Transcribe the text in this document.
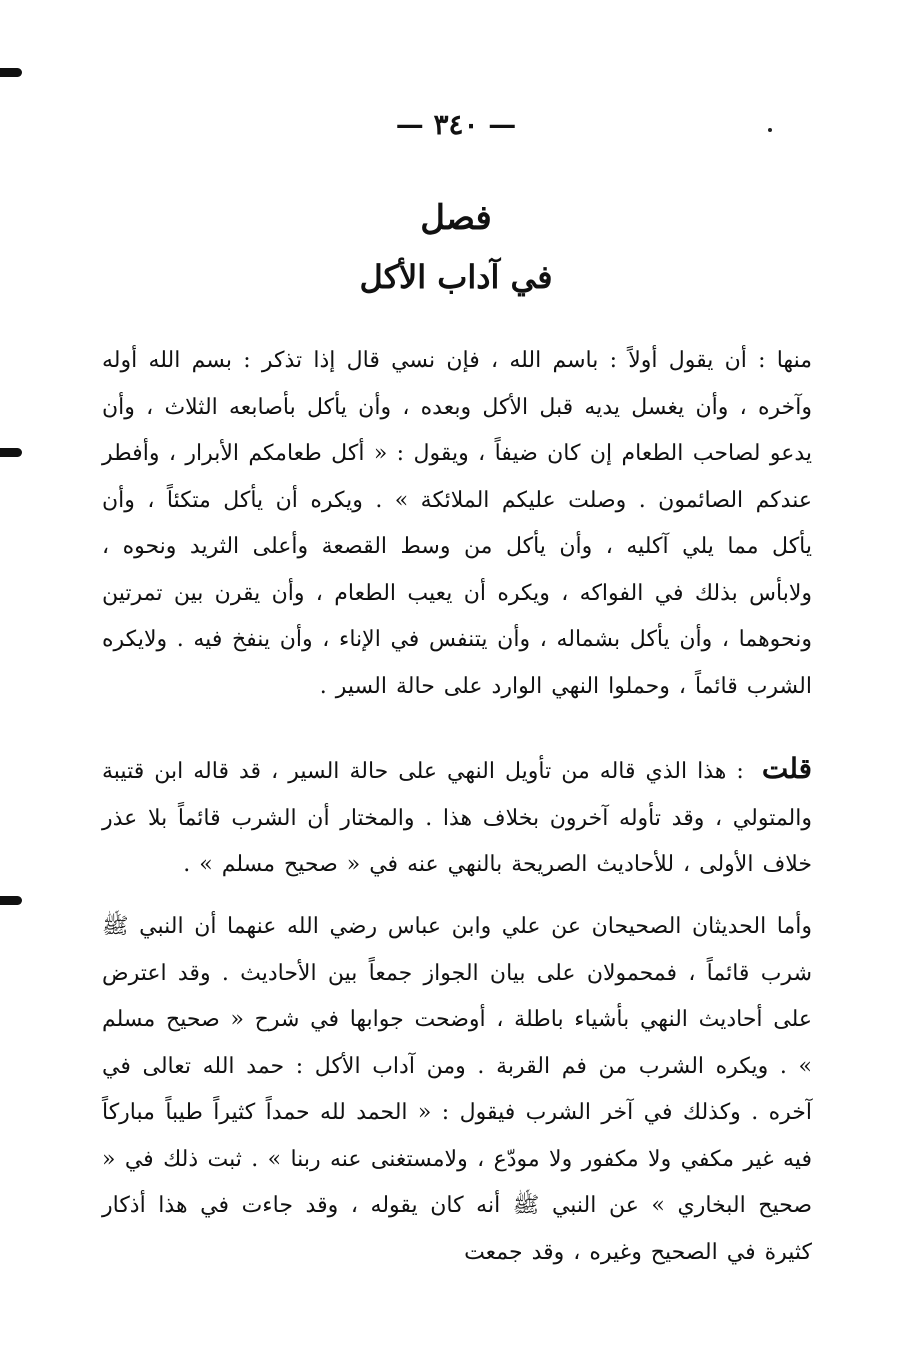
— ٣٤٠ —
فصل
في آداب الأكل

منها : أن يقول أولاً : باسم الله ، فإن نسي قال إذا تذكر : بسم الله أوله وآخره ، وأن يغسل يديه قبل الأكل وبعده ، وأن يأكل بأصابعه الثلاث ، وأن يدعو لصاحب الطعام إن كان ضيفاً ، ويقول : « أكل طعامكم الأبرار ، وأفطر عندكم الصائمون . وصلت عليكم الملائكة » . ويكره أن يأكل متكئاً ، وأن يأكل مما يلي آكليه ، وأن يأكل من وسط القصعة وأعلى الثريد ونحوه ، ولابأس بذلك في الفواكه ، ويكره أن يعيب الطعام ، وأن يقرن بين تمرتين ونحوهما ، وأن يأكل بشماله ، وأن يتنفس في الإناء ، وأن ينفخ فيه . ولايكره الشرب قائماً ، وحملوا النهي الوارد على حالة السير .

قلت: هذا الذي قاله من تأويل النهي على حالة السير ، قد قاله ابن قتيبة والمتولي ، وقد تأوله آخرون بخلاف هذا . والمختار أن الشرب قائماً بلا عذر خلاف الأولى ، للأحاديث الصريحة بالنهي عنه في « صحيح مسلم » .

وأما الحديثان الصحيحان عن علي وابن عباس رضي الله عنهما أن النبي ﷺ شرب قائماً ، فمحمولان على بيان الجواز جمعاً بين الأحاديث . وقد اعترض على أحاديث النهي بأشياء باطلة ، أوضحت جوابها في شرح « صحيح مسلم » . ويكره الشرب من فم القربة . ومن آداب الأكل : حمد الله تعالى في آخره . وكذلك في آخر الشرب فيقول : « الحمد لله حمداً كثيراً طيباً مباركاً فيه غير مكفي ولا مكفور ولا مودّع ، ولامستغنى عنه ربنا » . ثبت ذلك في « صحيح البخاري » عن النبي ﷺ أنه كان يقوله ، وقد جاءت في هذا أذكار كثيرة في الصحيح وغيره ، وقد جمعت
